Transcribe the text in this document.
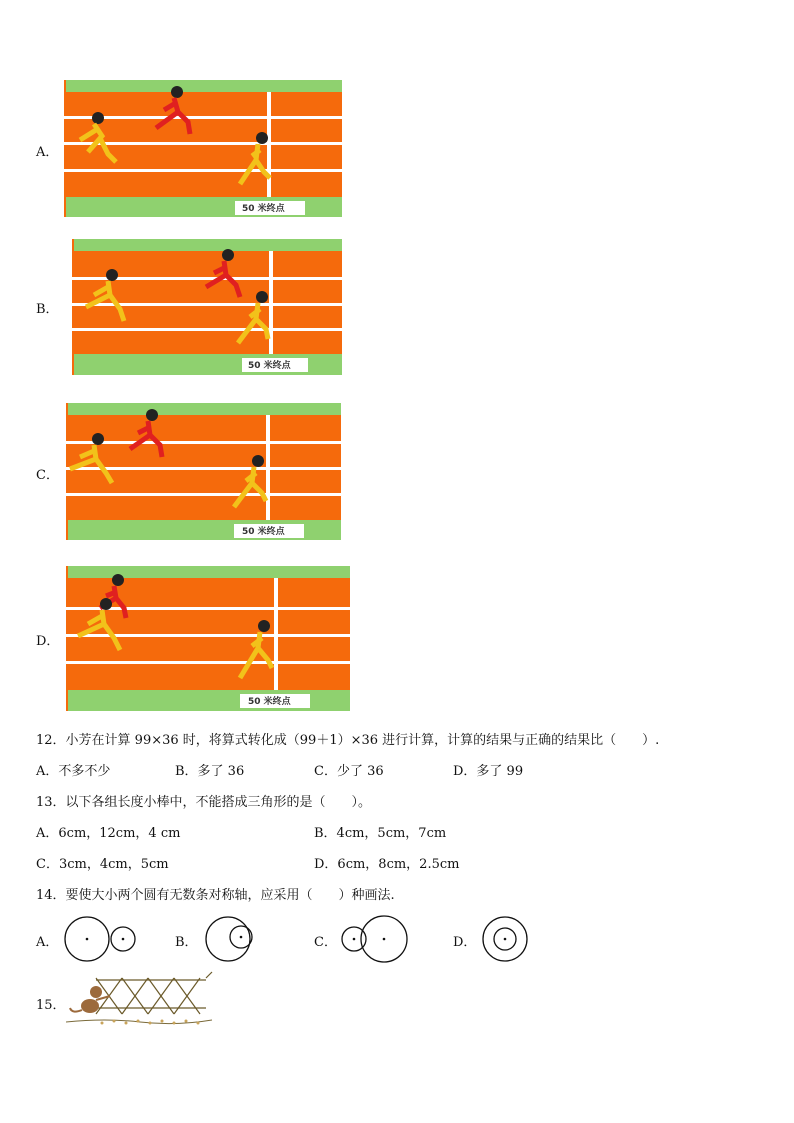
A．
50 米终点
B．
50 米终点
C．
50 米终点
D．
50 米终点
12．小芳在计算 99×36 时，将算式转化成（99＋1）×36 进行计算，计算的结果与正确的结果比（　　）.
A．不多不少	B．多了 36	C．少了 36	D．多了 99
13．以下各组长度小棒中，不能搭成三角形的是（　　）。
A．6cm，12cm，4 cm	B．4cm，5cm，7cm
C．3cm，4cm，5cm	D．6cm，8cm，2.5cm
14．要使大小两个圆有无数条对称轴，应采用（　　）种画法.
A．	B．	C．	D．
15．
